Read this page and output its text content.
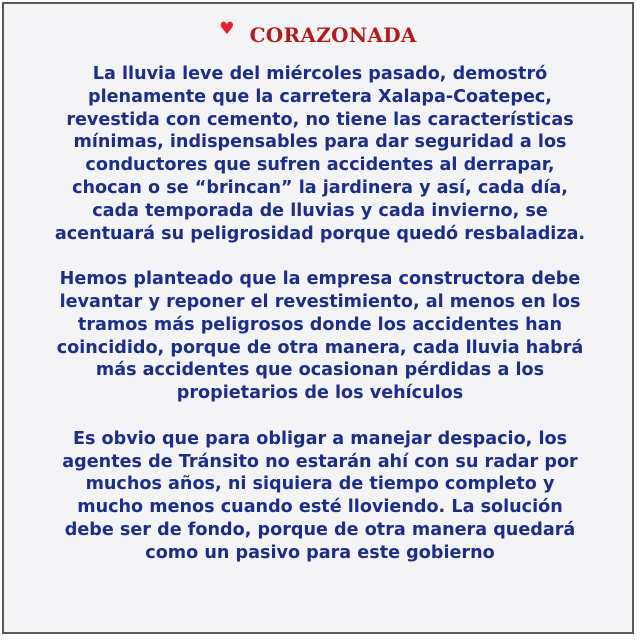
♥ CORAZONADA

La lluvia leve del miércoles pasado, demostró
plenamente que la carretera Xalapa-Coatepec,
revestida con cemento, no tiene las características
mínimas, indispensables para dar seguridad a los
conductores que sufren accidentes al derrapar,
chocan o se “brincan” la jardinera y así, cada día,
cada temporada de lluvias y cada invierno, se
acentuará su peligrosidad porque quedó resbaladiza.

Hemos planteado que la empresa constructora debe
levantar y reponer el revestimiento, al menos en los
tramos más peligrosos donde los accidentes han
coincidido, porque de otra manera, cada lluvia habrá
más accidentes que ocasionan pérdidas a los
propietarios de los vehículos

Es obvio que para obligar a manejar despacio, los
agentes de Tránsito no estarán ahí con su radar por
muchos años, ni siquiera de tiempo completo y
mucho menos cuando esté lloviendo. La solución
debe ser de fondo, porque de otra manera quedará
como un pasivo para este gobierno
